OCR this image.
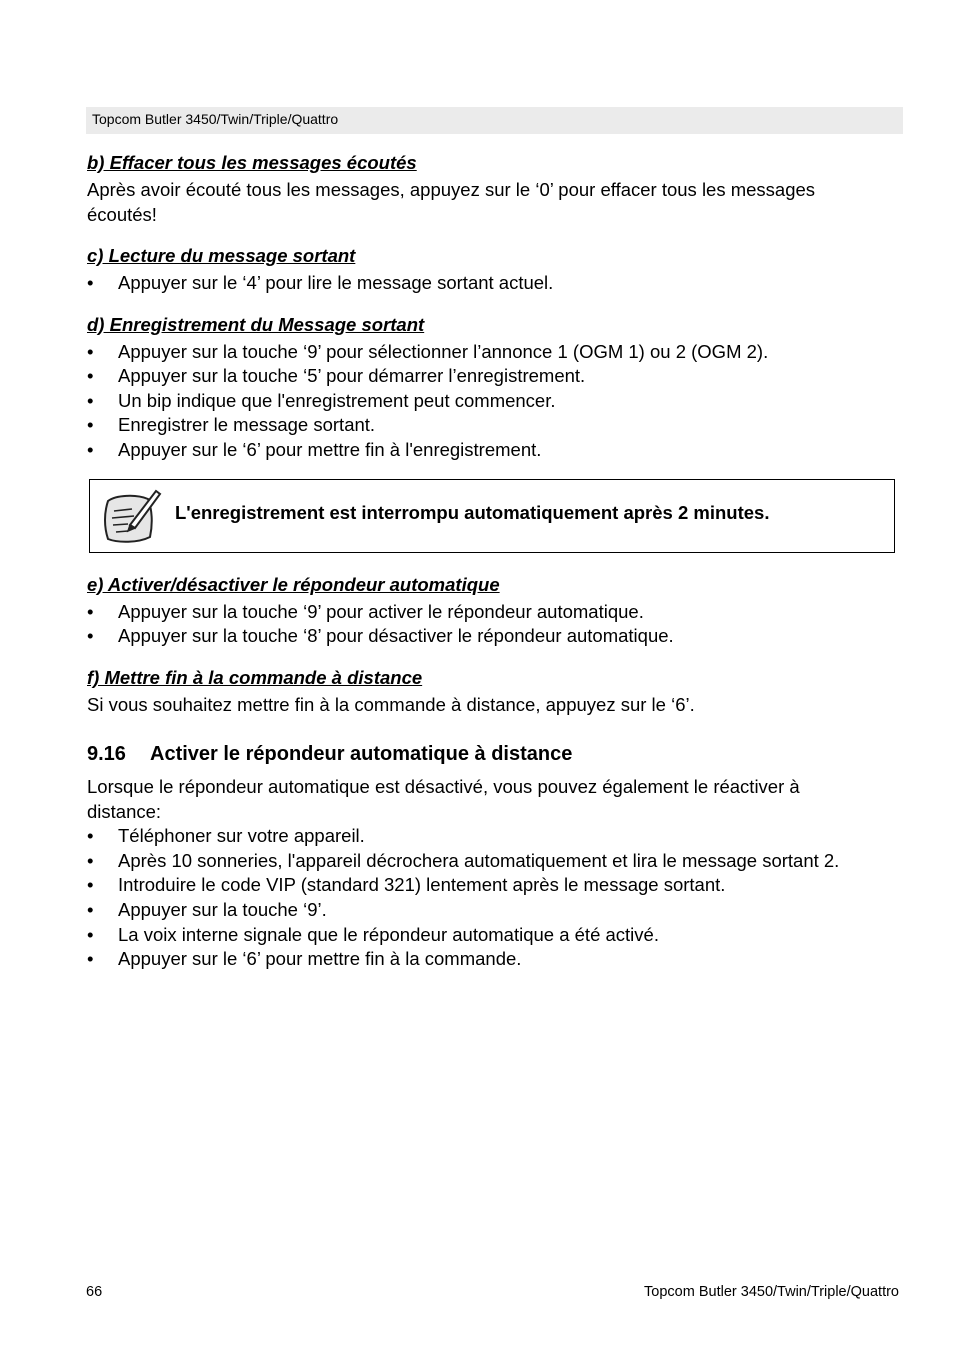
Topcom Butler 3450/Twin/Triple/Quattro

b) Effacer tous les messages écoutés

Après avoir écouté tous les messages, appuyez sur le ‘0’ pour effacer tous les messages

écoutés!

c) Lecture du message sortant

• Appuyer sur le ‘4’ pour lire le message sortant actuel.

d) Enregistrement du Message sortant

• Appuyer sur la touche ‘9’ pour sélectionner l’annonce 1 (OGM 1) ou 2 (OGM 2).
• Appuyer sur la touche ‘5’ pour démarrer l’enregistrement.
• Un bip indique que l'enregistrement peut commencer.
• Enregistrer le message sortant.
• Appuyer sur le ‘6’ pour mettre fin à l'enregistrement.
L'enregistrement est interrompu automatiquement après 2 minutes.

e) Activer/désactiver le répondeur automatique

• Appuyer sur la touche ‘9’ pour activer le répondeur automatique.
• Appuyer sur la touche ‘8’ pour désactiver le répondeur automatique.

f) Mettre fin à la commande à distance

Si vous souhaitez mettre fin à la commande à distance, appuyez sur le ‘6’.

9.16 Activer le répondeur automatique à distance

Lorsque le répondeur automatique est désactivé, vous pouvez également le réactiver à

distance:

• Téléphoner sur votre appareil.
• Après 10 sonneries, l'appareil décrochera automatiquement et lira le message sortant 2.
• Introduire le code VIP (standard 321) lentement après le message sortant.
• Appuyer sur la touche ‘9’.
• La voix interne signale que le répondeur automatique a été activé.
• Appuyer sur le ‘6’ pour mettre fin à la commande.
66	Topcom Butler 3450/Twin/Triple/Quattro
